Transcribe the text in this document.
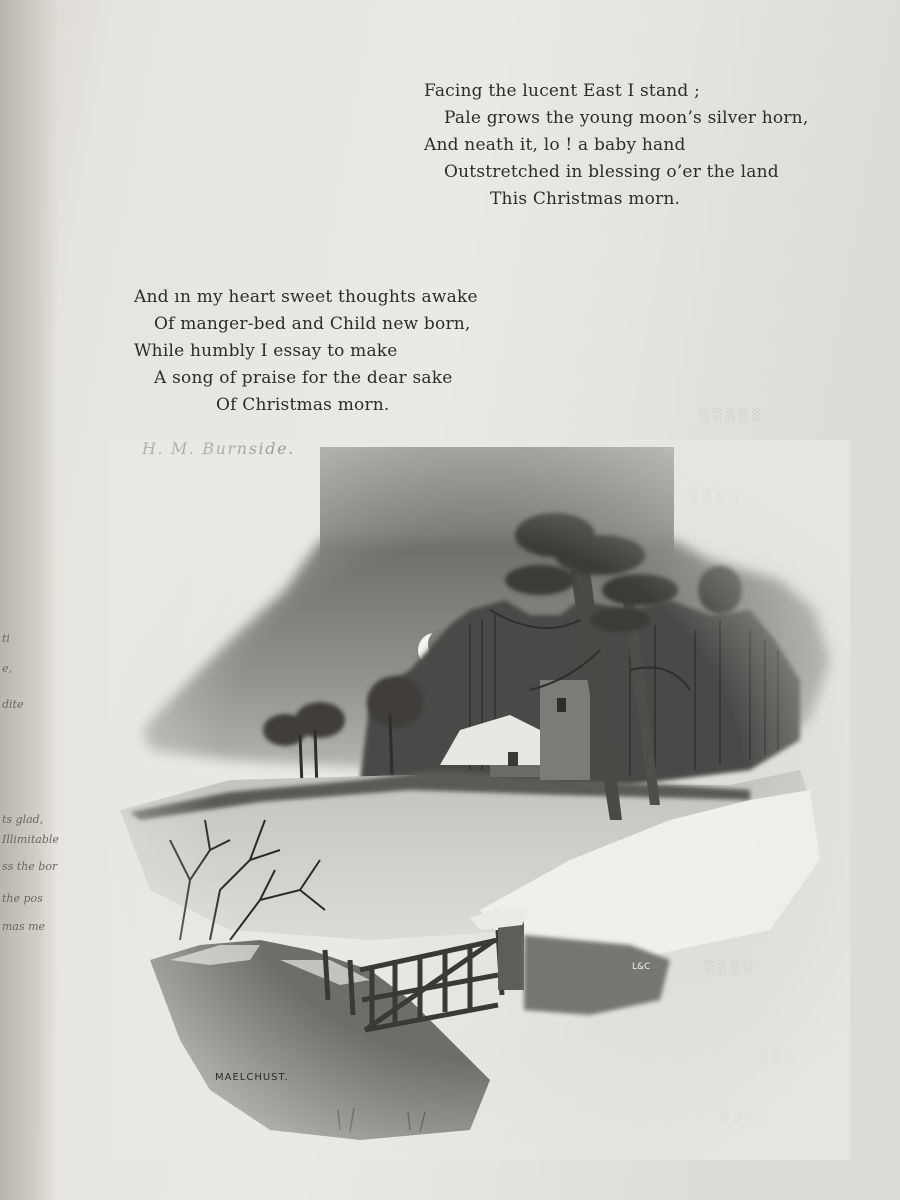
ti
e,
dite
ts glad,
Illimitable
ss the bor
the pos
mas me
Facing the lucent East I stand ;
Pale grows the young moon’s silver horn,
And neath it, lo ! a baby hand
Outstretched in blessing o’er the land
This Christmas morn.
And ın my heart sweet thoughts awake
Of manger-bed and Child new born,
While humbly I essay to make
A song of praise for the dear sake
Of Christmas morn.	░ ░ ░ ░ ░
L&C
MAELCHUST.
